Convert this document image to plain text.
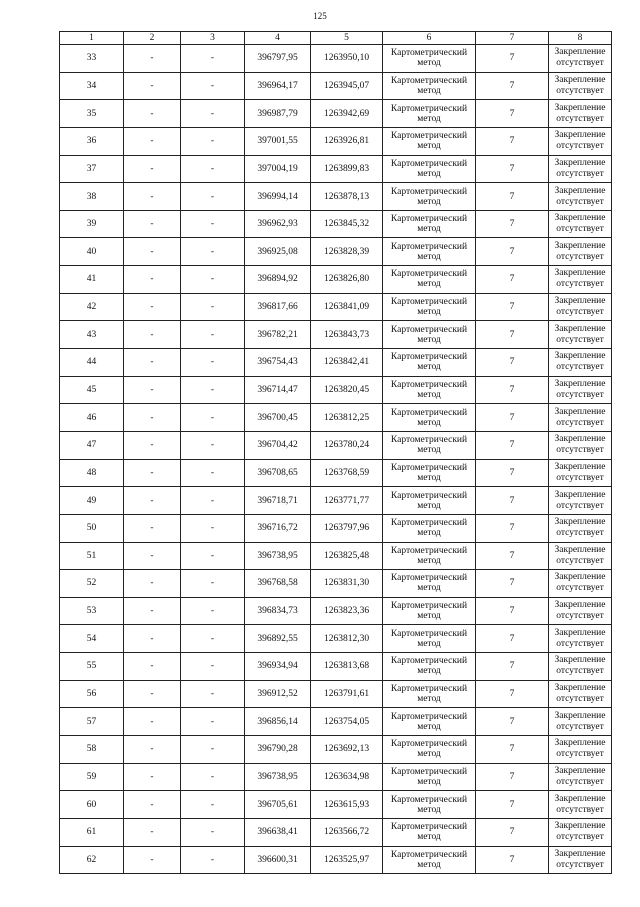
125
1	2	3	4	5	6	7	8
33	-	-	396797,95	1263950,10	Картометрический метод	7	Закрепление отсутствует
34	-	-	396964,17	1263945,07	Картометрический метод	7	Закрепление отсутствует
35	-	-	396987,79	1263942,69	Картометрический метод	7	Закрепление отсутствует
36	-	-	397001,55	1263926,81	Картометрический метод	7	Закрепление отсутствует
37	-	-	397004,19	1263899,83	Картометрический метод	7	Закрепление отсутствует
38	-	-	396994,14	1263878,13	Картометрический метод	7	Закрепление отсутствует
39	-	-	396962,93	1263845,32	Картометрический метод	7	Закрепление отсутствует
40	-	-	396925,08	1263828,39	Картометрический метод	7	Закрепление отсутствует
41	-	-	396894,92	1263826,80	Картометрический метод	7	Закрепление отсутствует
42	-	-	396817,66	1263841,09	Картометрический метод	7	Закрепление отсутствует
43	-	-	396782,21	1263843,73	Картометрический метод	7	Закрепление отсутствует
44	-	-	396754,43	1263842,41	Картометрический метод	7	Закрепление отсутствует
45	-	-	396714,47	1263820,45	Картометрический метод	7	Закрепление отсутствует
46	-	-	396700,45	1263812,25	Картометрический метод	7	Закрепление отсутствует
47	-	-	396704,42	1263780,24	Картометрический метод	7	Закрепление отсутствует
48	-	-	396708,65	1263768,59	Картометрический метод	7	Закрепление отсутствует
49	-	-	396718,71	1263771,77	Картометрический метод	7	Закрепление отсутствует
50	-	-	396716,72	1263797,96	Картометрический метод	7	Закрепление отсутствует
51	-	-	396738,95	1263825,48	Картометрический метод	7	Закрепление отсутствует
52	-	-	396768,58	1263831,30	Картометрический метод	7	Закрепление отсутствует
53	-	-	396834,73	1263823,36	Картометрический метод	7	Закрепление отсутствует
54	-	-	396892,55	1263812,30	Картометрический метод	7	Закрепление отсутствует
55	-	-	396934,94	1263813,68	Картометрический метод	7	Закрепление отсутствует
56	-	-	396912,52	1263791,61	Картометрический метод	7	Закрепление отсутствует
57	-	-	396856,14	1263754,05	Картометрический метод	7	Закрепление отсутствует
58	-	-	396790,28	1263692,13	Картометрический метод	7	Закрепление отсутствует
59	-	-	396738,95	1263634,98	Картометрический метод	7	Закрепление отсутствует
60	-	-	396705,61	1263615,93	Картометрический метод	7	Закрепление отсутствует
61	-	-	396638,41	1263566,72	Картометрический метод	7	Закрепление отсутствует
62	-	-	396600,31	1263525,97	Картометрический метод	7	Закрепление отсутствует
